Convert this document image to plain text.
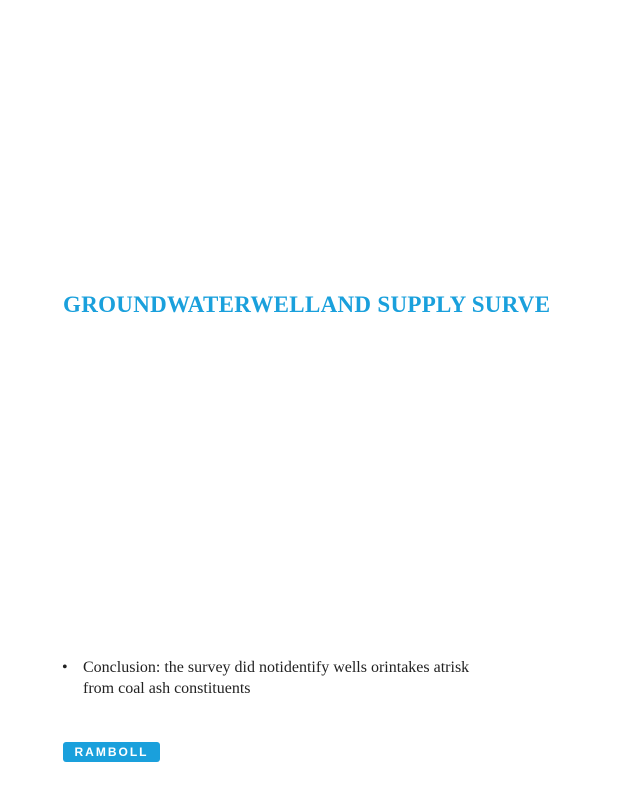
GROUNDWATERWELLAND SUPPLY SURVE
• Conclusion: the survey did notidentify wells orintakes atrisk
from coal ash constituents
RAMBOLL
